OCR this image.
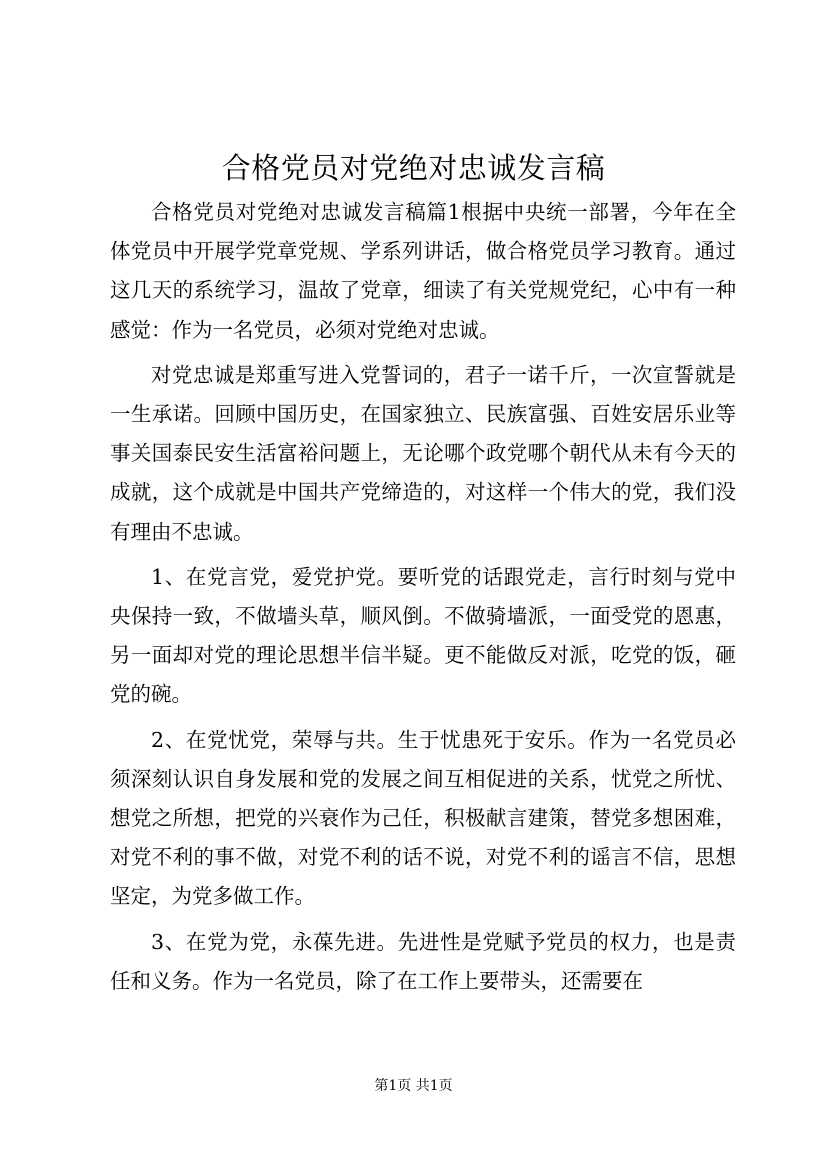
合格党员对党绝对忠诚发言稿

合格党员对党绝对忠诚发言稿篇1根据中央统一部署，今年在全体党员中开展学党章党规、学系列讲话，做合格党员学习教育。通过这几天的系统学习，温故了党章，细读了有关党规党纪，心中有一种感觉：作为一名党员，必须对党绝对忠诚。

对党忠诚是郑重写进入党誓词的，君子一诺千斤，一次宣誓就是一生承诺。回顾中国历史，在国家独立、民族富强、百姓安居乐业等事关国泰民安生活富裕问题上，无论哪个政党哪个朝代从未有今天的成就，这个成就是中国共产党缔造的，对这样一个伟大的党，我们没有理由不忠诚。

1、在党言党，爱党护党。要听党的话跟党走，言行时刻与党中央保持一致，不做墙头草，顺风倒。不做骑墙派，一面受党的恩惠，另一面却对党的理论思想半信半疑。更不能做反对派，吃党的饭，砸党的碗。

2、在党忧党，荣辱与共。生于忧患死于安乐。作为一名党员必须深刻认识自身发展和党的发展之间互相促进的关系，忧党之所忧、想党之所想，把党的兴衰作为己任，积极献言建策，替党多想困难，对党不利的事不做，对党不利的话不说，对党不利的谣言不信，思想坚定，为党多做工作。

3、在党为党，永葆先进。先进性是党赋予党员的权力，也是责任和义务。作为一名党员，除了在工作上要带头，还需要在

第1页 共1页
